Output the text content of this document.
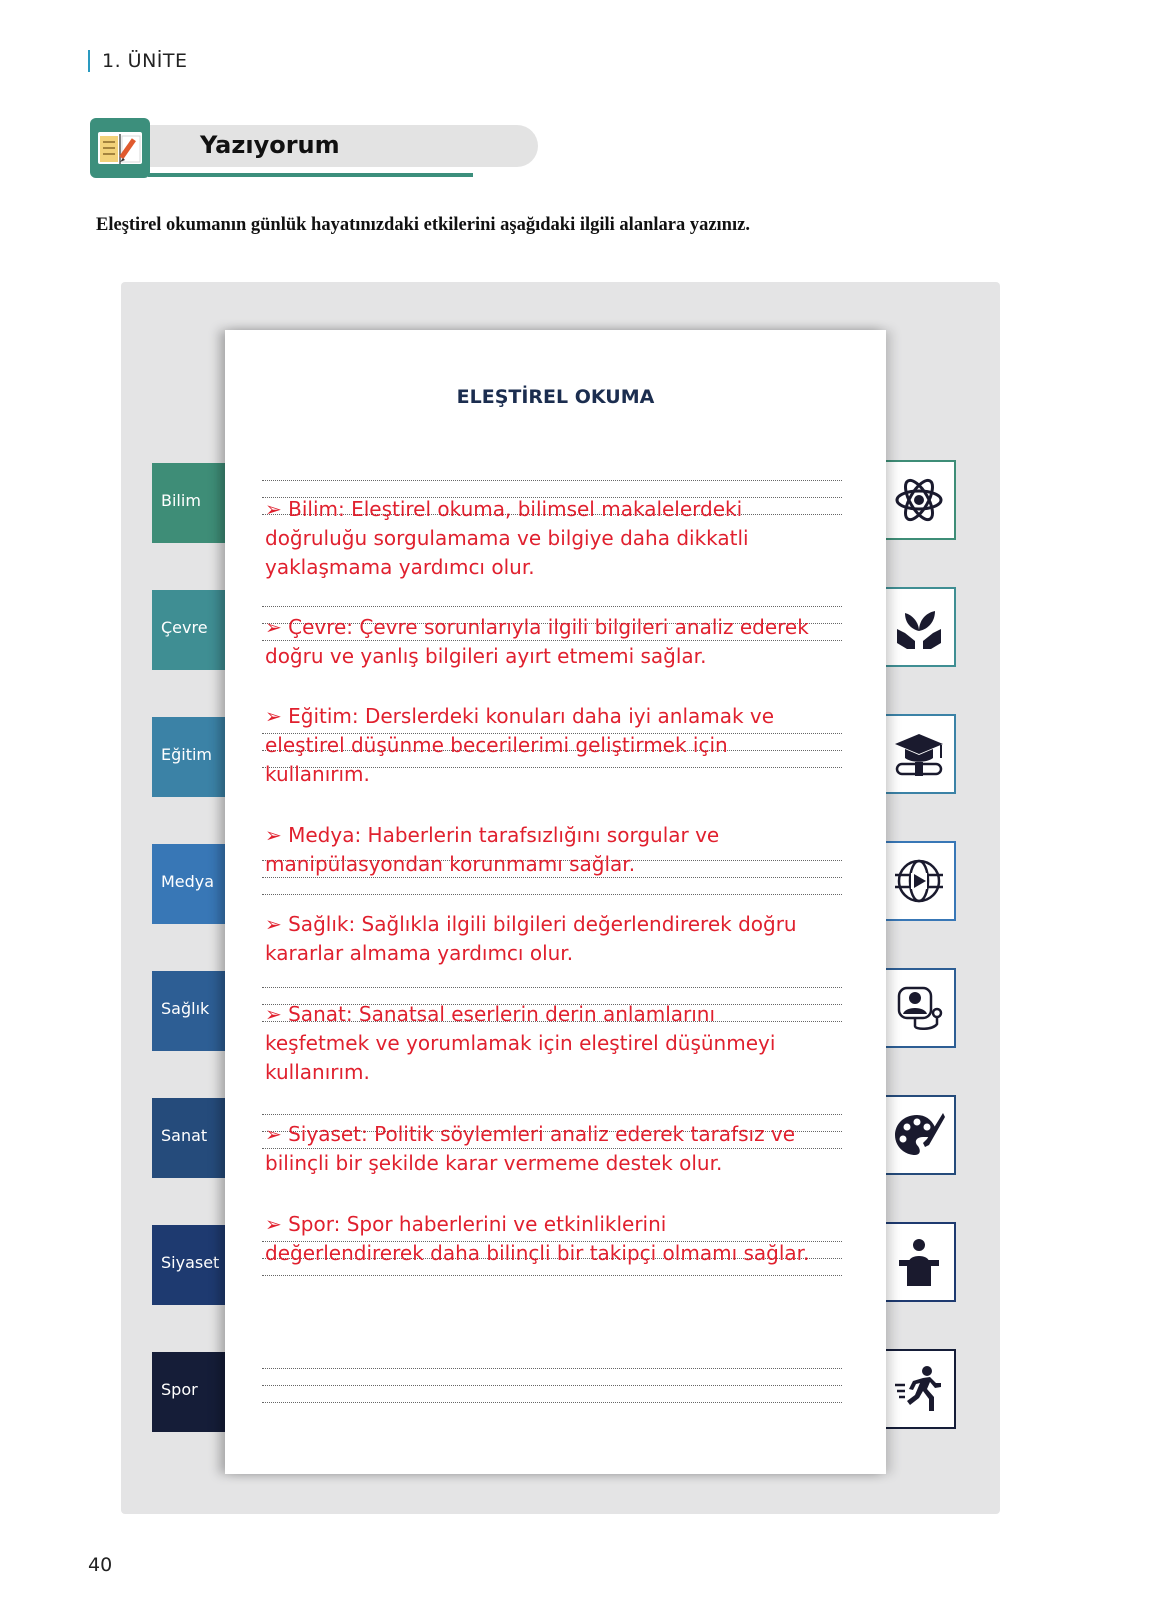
1. ÜNİTE
Yazıyorum
Eleştirel okumanın günlük hayatınızdaki etkilerini aşağıdaki ilgili alanlara yazınız.
Bilim
Çevre
Eğitim
Medya
Sağlık
Sanat
Siyaset
Spor
ELEŞTİREL OKUMA
➢ Bilim: Eleştirel okuma, bilimsel makalelerdeki doğruluğu sorgulamama ve bilgiye daha dikkatli yaklaşmama yardımcı olur.
➢ Çevre: Çevre sorunlarıyla ilgili bilgileri analiz ederek doğru ve yanlış bilgileri ayırt etmemi sağlar.
➢ Eğitim: Derslerdeki konuları daha iyi anlamak ve eleştirel düşünme becerilerimi geliştirmek için kullanırım.
➢ Medya: Haberlerin tarafsızlığını sorgular ve manipülasyondan korunmamı sağlar.
➢ Sağlık: Sağlıkla ilgili bilgileri değerlendirerek doğru kararlar almama yardımcı olur.
➢ Sanat: Sanatsal eserlerin derin anlamlarını keşfetmek ve yorumlamak için eleştirel düşünmeyi kullanırım.
➢ Siyaset: Politik söylemleri analiz ederek tarafsız ve bilinçli bir şekilde karar vermeme destek olur.
➢ Spor: Spor haberlerini ve etkinliklerini değerlendirerek daha bilinçli bir takipçi olmamı sağlar.
40
